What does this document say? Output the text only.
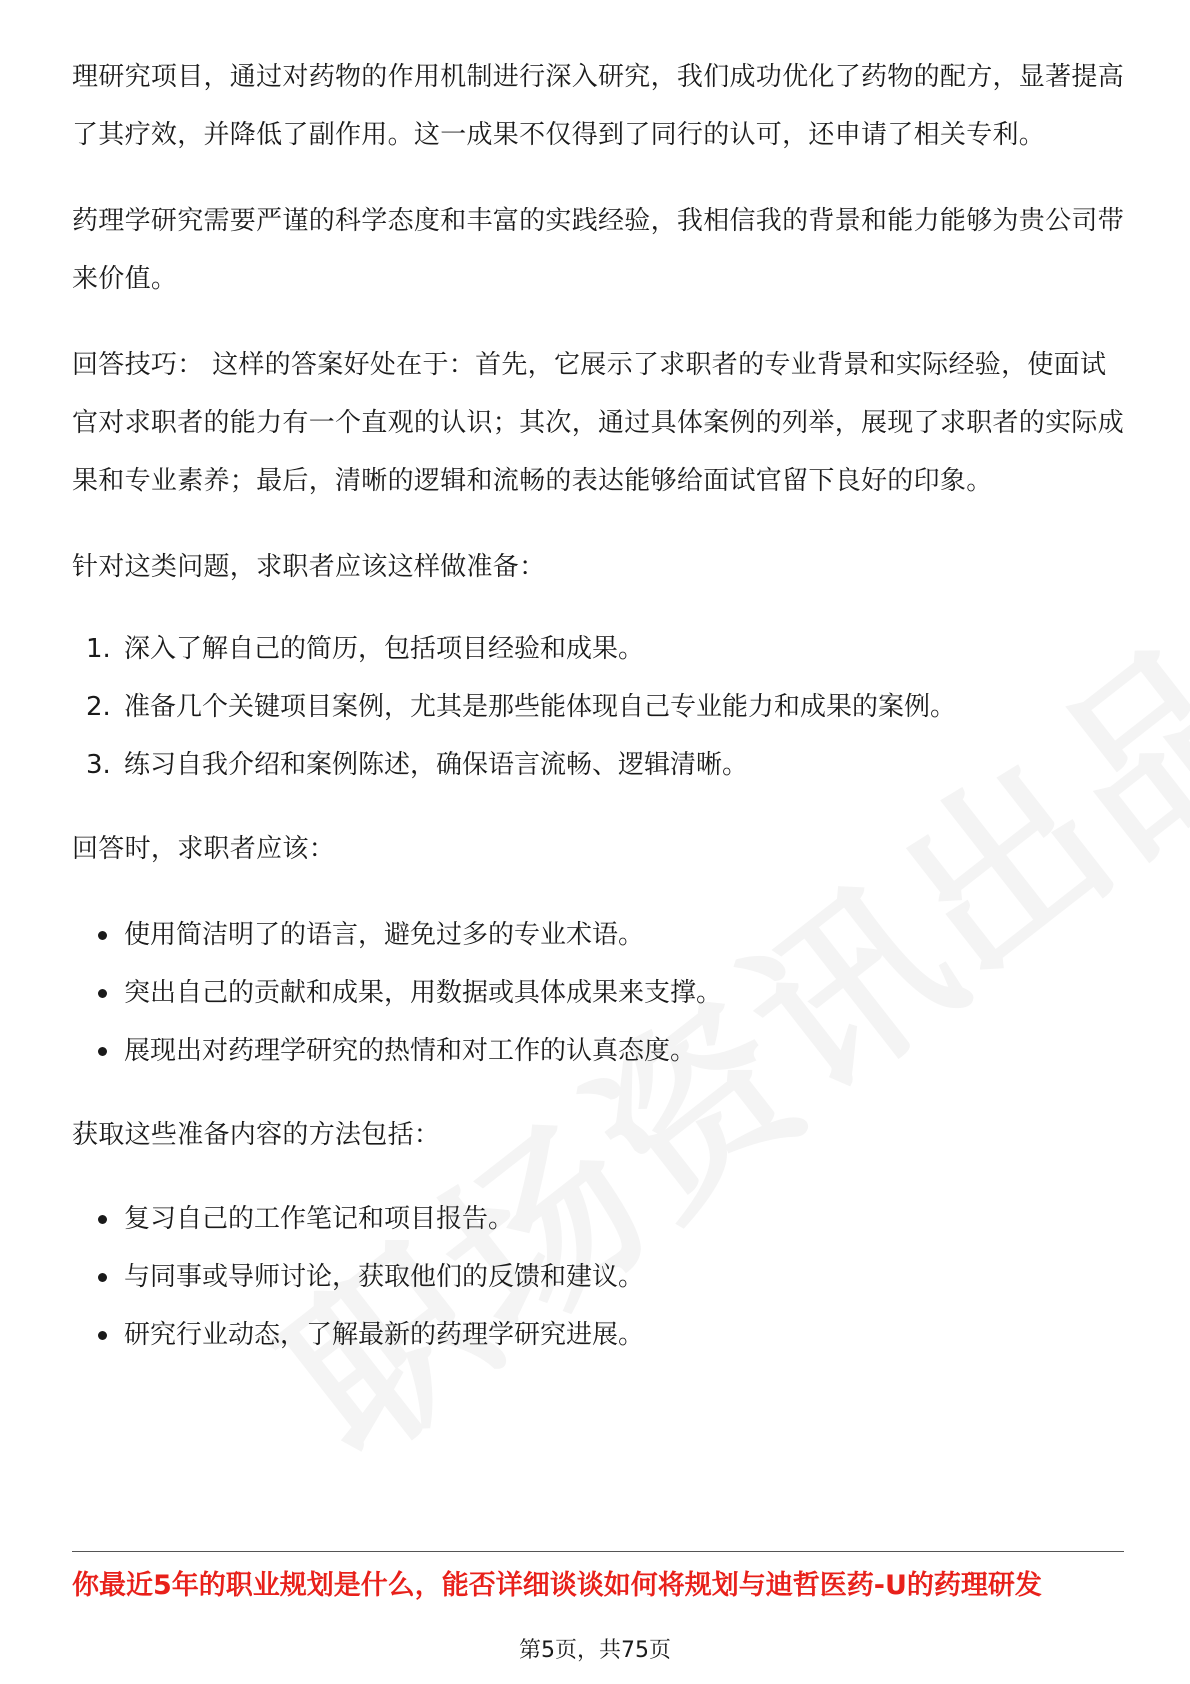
理研究项目，通过对药物的作用机制进行深入研究，我们成功优化了药物的配方，显著提高了其疗效，并降低了副作用。这一成果不仅得到了同行的认可，还申请了相关专利。

药理学研究需要严谨的科学态度和丰富的实践经验，我相信我的背景和能力能够为贵公司带来价值。

回答技巧： 这样的答案好处在于：首先，它展示了求职者的专业背景和实际经验，使面试官对求职者的能力有一个直观的认识；其次，通过具体案例的列举，展现了求职者的实际成果和专业素养；最后，清晰的逻辑和流畅的表达能够给面试官留下良好的印象。

针对这类问题，求职者应该这样做准备：

1. 深入了解自己的简历，包括项目经验和成果。
2. 准备几个关键项目案例，尤其是那些能体现自己专业能力和成果的案例。
3. 练习自我介绍和案例陈述，确保语言流畅、逻辑清晰。

回答时，求职者应该：

使用简洁明了的语言，避免过多的专业术语。
突出自己的贡献和成果，用数据或具体成果来支撑。
展现出对药理学研究的热情和对工作的认真态度。

获取这些准备内容的方法包括：

复习自己的工作笔记和项目报告。
与同事或导师讨论，获取他们的反馈和建议。
研究行业动态，了解最新的药理学研究进展。
你最近5年的职业规划是什么，能否详细谈谈如何将规划与迪哲医药-U的药理研发
第5页，共75页
